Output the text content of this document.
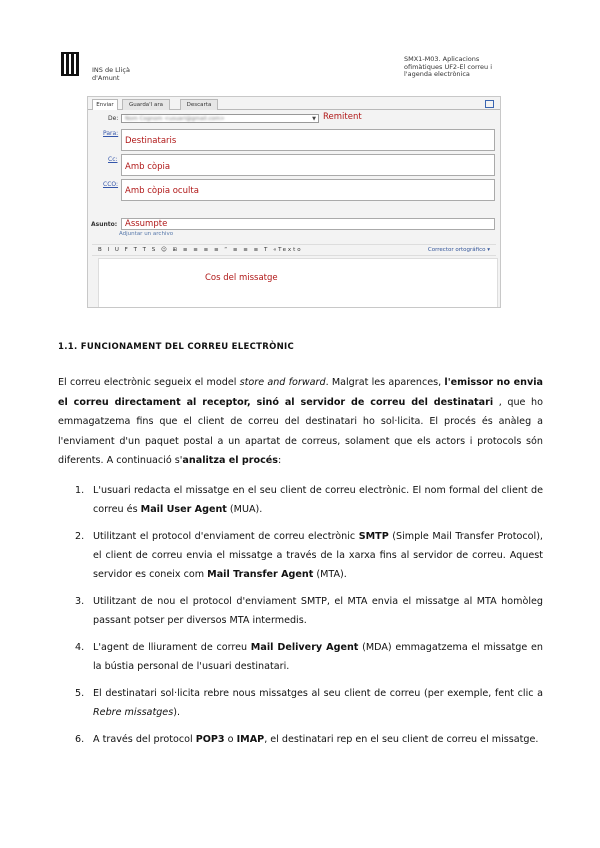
INS de Lliçà
d'Amunt
SMX1-M03. Aplicacions
ofimàtiques UF2-El correu i
l'agenda electrònica
Enviar	Guarda'l ara	Descarta
De:	Nom Cognom <usuari@gmail.com>	▼ Remitent
Para:
Destinataris
Cc:
Amb còpia
CCO:
Amb còpia oculta
Asunto: Assumpte
Adjuntar un archivo
B I U F T T S ☺ ⊞ ≡ ≡ ≡ ≡ “ ≡ ≡ ≡ T «Texto	Corrector ortográfico ▾
Cos del missatge
1.1. FUNCIONAMENT DEL CORREU ELECTRÒNIC

El correu electrònic segueix el model store and forward. Malgrat les aparences, l'emissor no envia el correu directament al receptor, sinó al servidor de correu del destinatari , que ho emmagatzema fins que el client de correu del destinatari ho sol·licita. El procés és anàleg a l'enviament d'un paquet postal a un apartat de correus, solament que els actors i protocols són diferents. A continuació s'analitza el procés:

1. L'usuari redacta el missatge en el seu client de correu electrònic. El nom formal del client de correu és Mail User Agent (MUA).
2. Utilitzant el protocol d'enviament de correu electrònic SMTP (Simple Mail Transfer Protocol), el client de correu envia el missatge a través de la xarxa fins al servidor de correu. Aquest servidor es coneix com Mail Transfer Agent (MTA).
3. Utilitzant de nou el protocol d'enviament SMTP, el MTA envia el missatge al MTA homòleg passant potser per diversos MTA intermedis.
4. L'agent de lliurament de correu Mail Delivery Agent (MDA) emmagatzema el missatge en la bústia personal de l'usuari destinatari.
5. El destinatari sol·licita rebre nous missatges al seu client de correu (per exemple, fent clic a Rebre missatges).
6. A través del protocol POP3 o IMAP, el destinatari rep en el seu client de correu el missatge.
